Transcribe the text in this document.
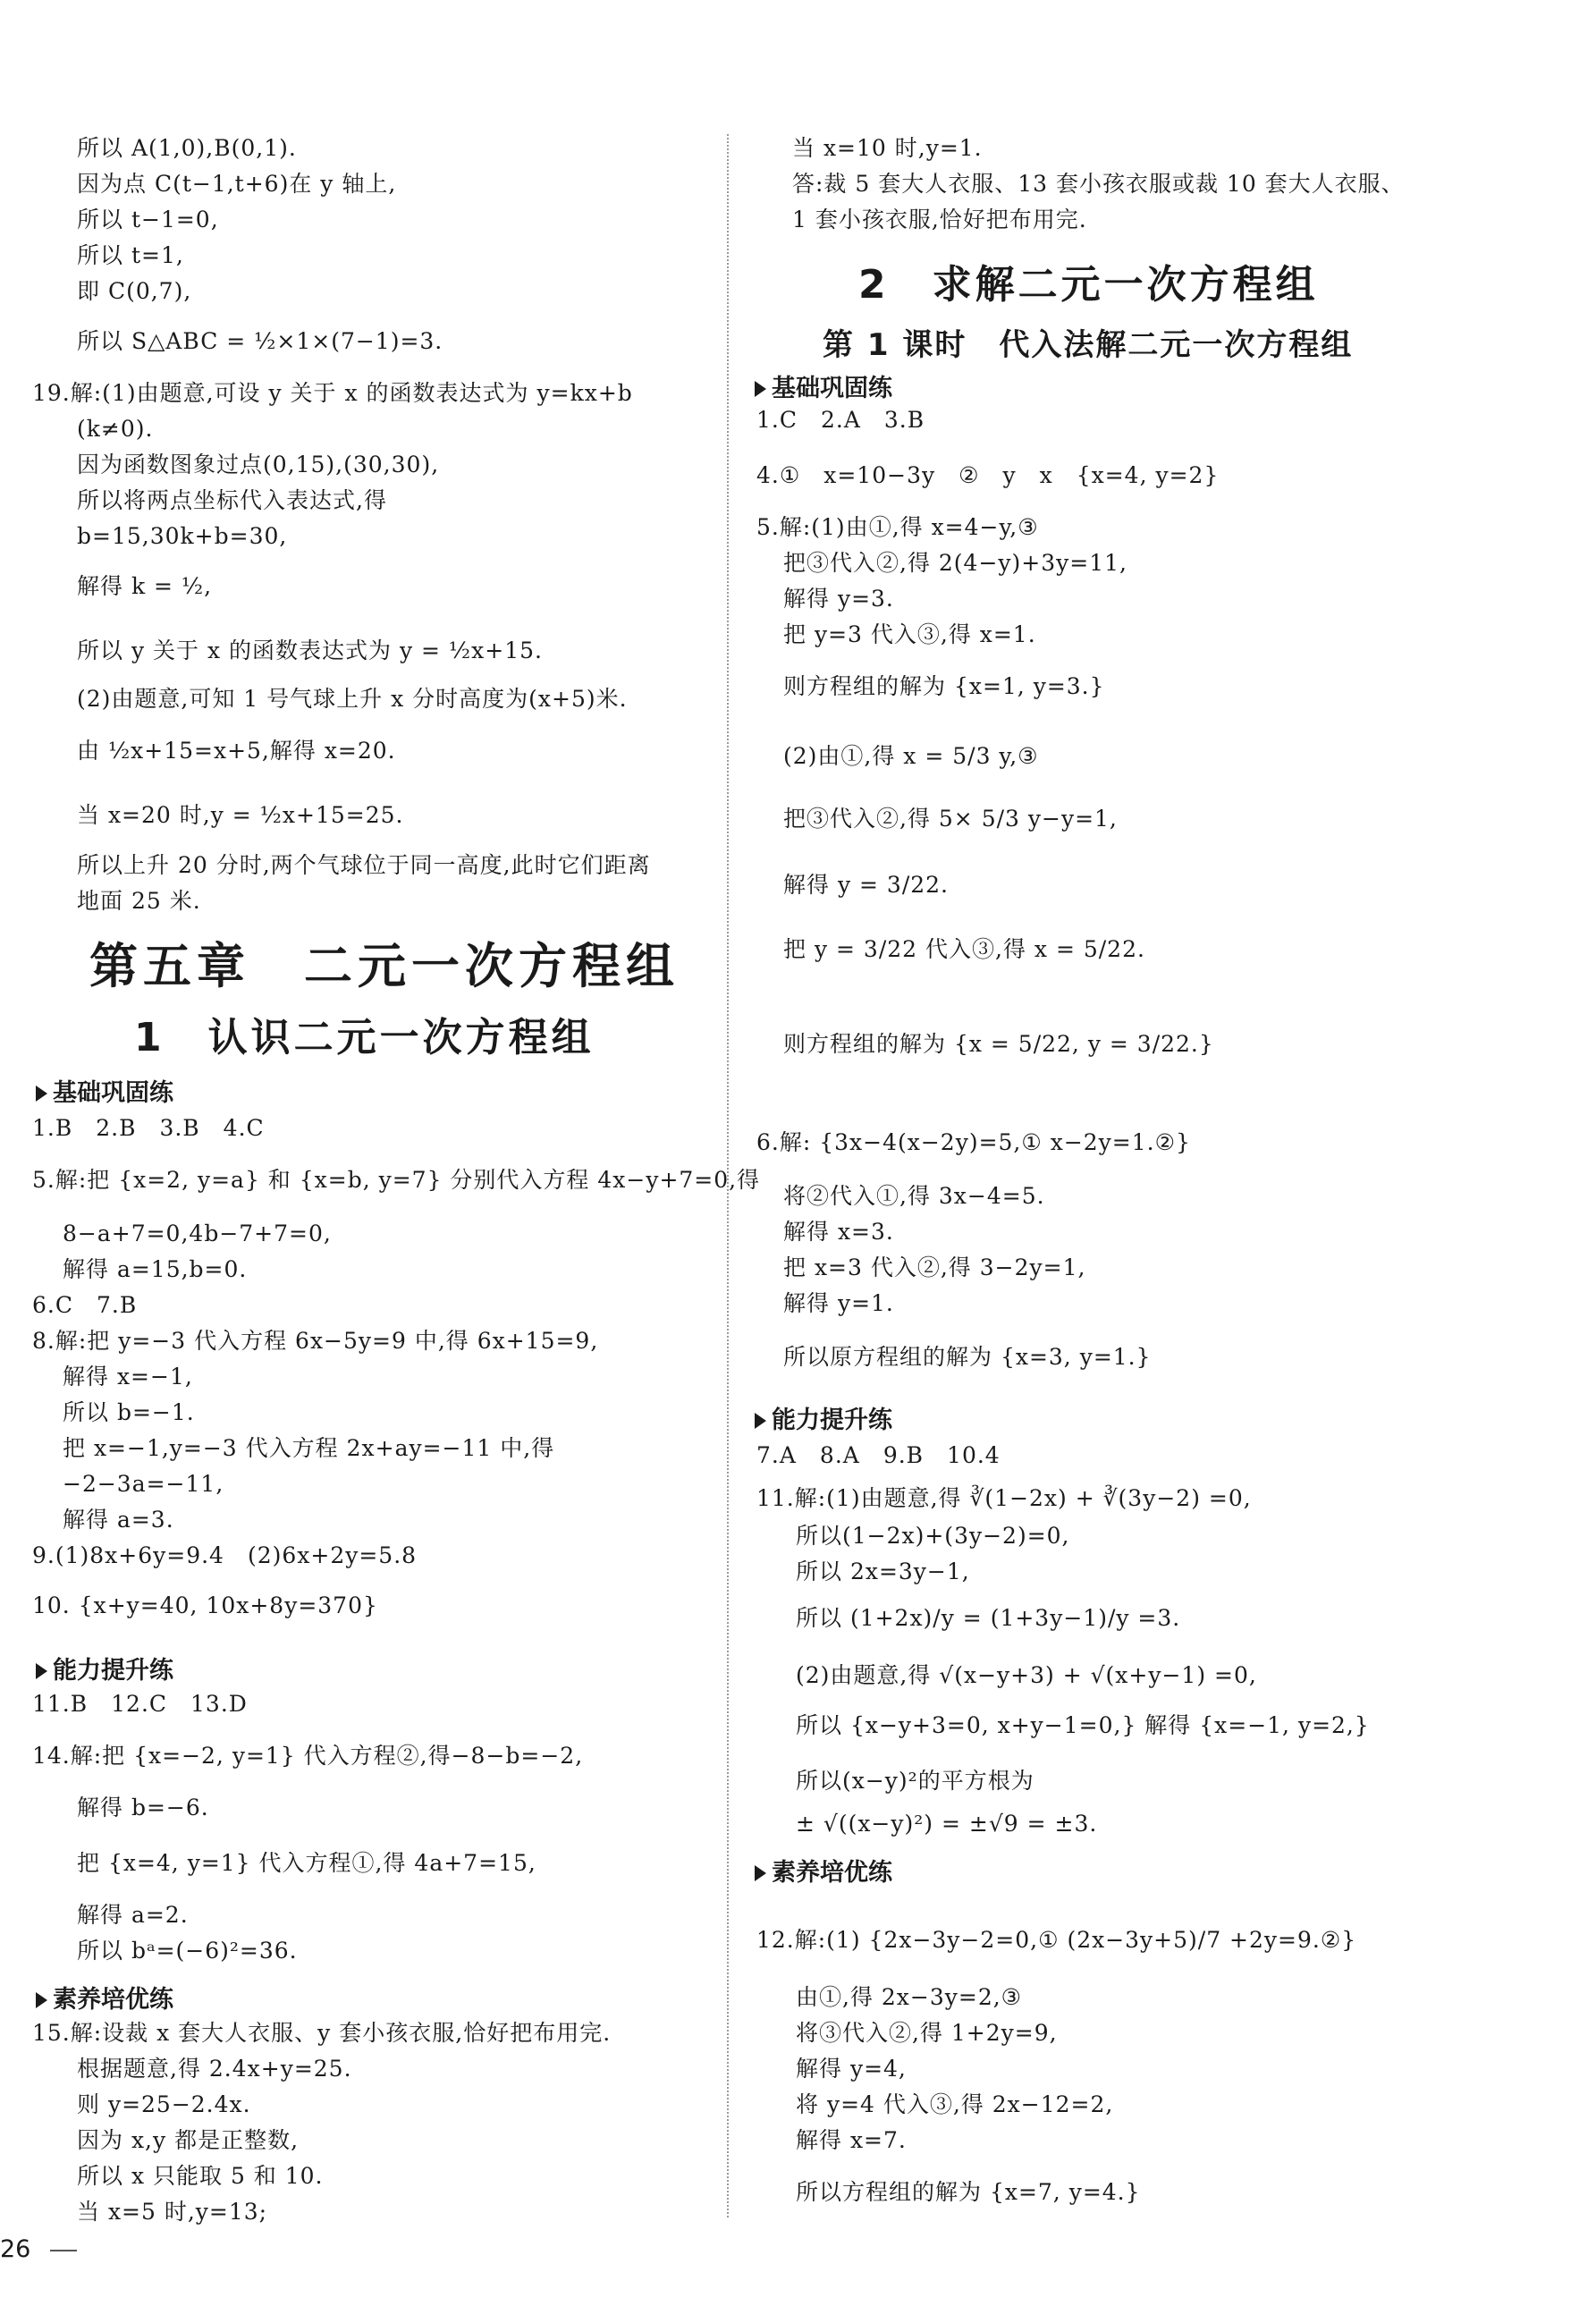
所以 A(1,0),B(0,1).
因为点 C(t−1,t+6)在 y 轴上,
所以 t−1=0,
所以 t=1,
即 C(0,7),
所以 S△ABC = ½×1×(7−1)=3.
19.解:(1)由题意,可设 y 关于 x 的函数表达式为 y=kx+b
(k≠0).
因为函数图象过点(0,15),(30,30),
所以将两点坐标代入表达式,得
b=15,30k+b=30,
解得 k = ½,
所以 y 关于 x 的函数表达式为 y = ½x+15.
(2)由题意,可知 1 号气球上升 x 分时高度为(x+5)米.
由 ½x+15=x+5,解得 x=20.
当 x=20 时,y = ½x+15=25.
所以上升 20 分时,两个气球位于同一高度,此时它们距离
地面 25 米.
第五章　二元一次方程组
1　认识二元一次方程组
基础巩固练
1.B　2.B　3.B　4.C
5.解:把 {x=2, y=a} 和 {x=b, y=7} 分别代入方程 4x−y+7=0,得
8−a+7=0,4b−7+7=0,
解得 a=15,b=0.
6.C　7.B
8.解:把 y=−3 代入方程 6x−5y=9 中,得 6x+15=9,
解得 x=−1,
所以 b=−1.
把 x=−1,y=−3 代入方程 2x+ay=−11 中,得
−2−3a=−11,
解得 a=3.
9.(1)8x+6y=9.4　(2)6x+2y=5.8
10. {x+y=40, 10x+8y=370}
能力提升练
11.B　12.C　13.D
14.解:把 {x=−2, y=1} 代入方程②,得−8−b=−2,
解得 b=−6.
把 {x=4, y=1} 代入方程①,得 4a+7=15,
解得 a=2.
所以 bᵃ=(−6)²=36.
素养培优练
15.解:设裁 x 套大人衣服、y 套小孩衣服,恰好把布用完.
根据题意,得 2.4x+y=25.
则 y=25−2.4x.
因为 x,y 都是正整数,
所以 x 只能取 5 和 10.
当 x=5 时,y=13;
当 x=10 时,y=1.
答:裁 5 套大人衣服、13 套小孩衣服或裁 10 套大人衣服、
1 套小孩衣服,恰好把布用完.
2　求解二元一次方程组
第 1 课时　代入法解二元一次方程组
基础巩固练
1.C　2.A　3.B
4.①　x=10−3y　②　y　x　{x=4, y=2}
5.解:(1)由①,得 x=4−y,③
把③代入②,得 2(4−y)+3y=11,
解得 y=3.
把 y=3 代入③,得 x=1.
则方程组的解为 {x=1, y=3.}
(2)由①,得 x = 5/3 y,③
把③代入②,得 5× 5/3 y−y=1,
解得 y = 3/22.
把 y = 3/22 代入③,得 x = 5/22.
则方程组的解为 {x = 5/22, y = 3/22.}
6.解: {3x−4(x−2y)=5,① x−2y=1.②}
将②代入①,得 3x−4=5.
解得 x=3.
把 x=3 代入②,得 3−2y=1,
解得 y=1.
所以原方程组的解为 {x=3, y=1.}
能力提升练
7.A　8.A　9.B　10.4
11.解:(1)由题意,得 ∛(1−2x) + ∛(3y−2) =0,
所以(1−2x)+(3y−2)=0,
所以 2x=3y−1,
所以 (1+2x)/y = (1+3y−1)/y =3.
(2)由题意,得 √(x−y+3) + √(x+y−1) =0,
所以 {x−y+3=0, x+y−1=0,} 解得 {x=−1, y=2,}
所以(x−y)²的平方根为
± √((x−y)²) = ±√9 = ±3.
素养培优练
12.解:(1) {2x−3y−2=0,① (2x−3y+5)/7 +2y=9.②}
由①,得 2x−3y=2,③
将③代入②,得 1+2y=9,
解得 y=4,
将 y=4 代入③,得 2x−12=2,
解得 x=7.
所以方程组的解为 {x=7, y=4.}
26
